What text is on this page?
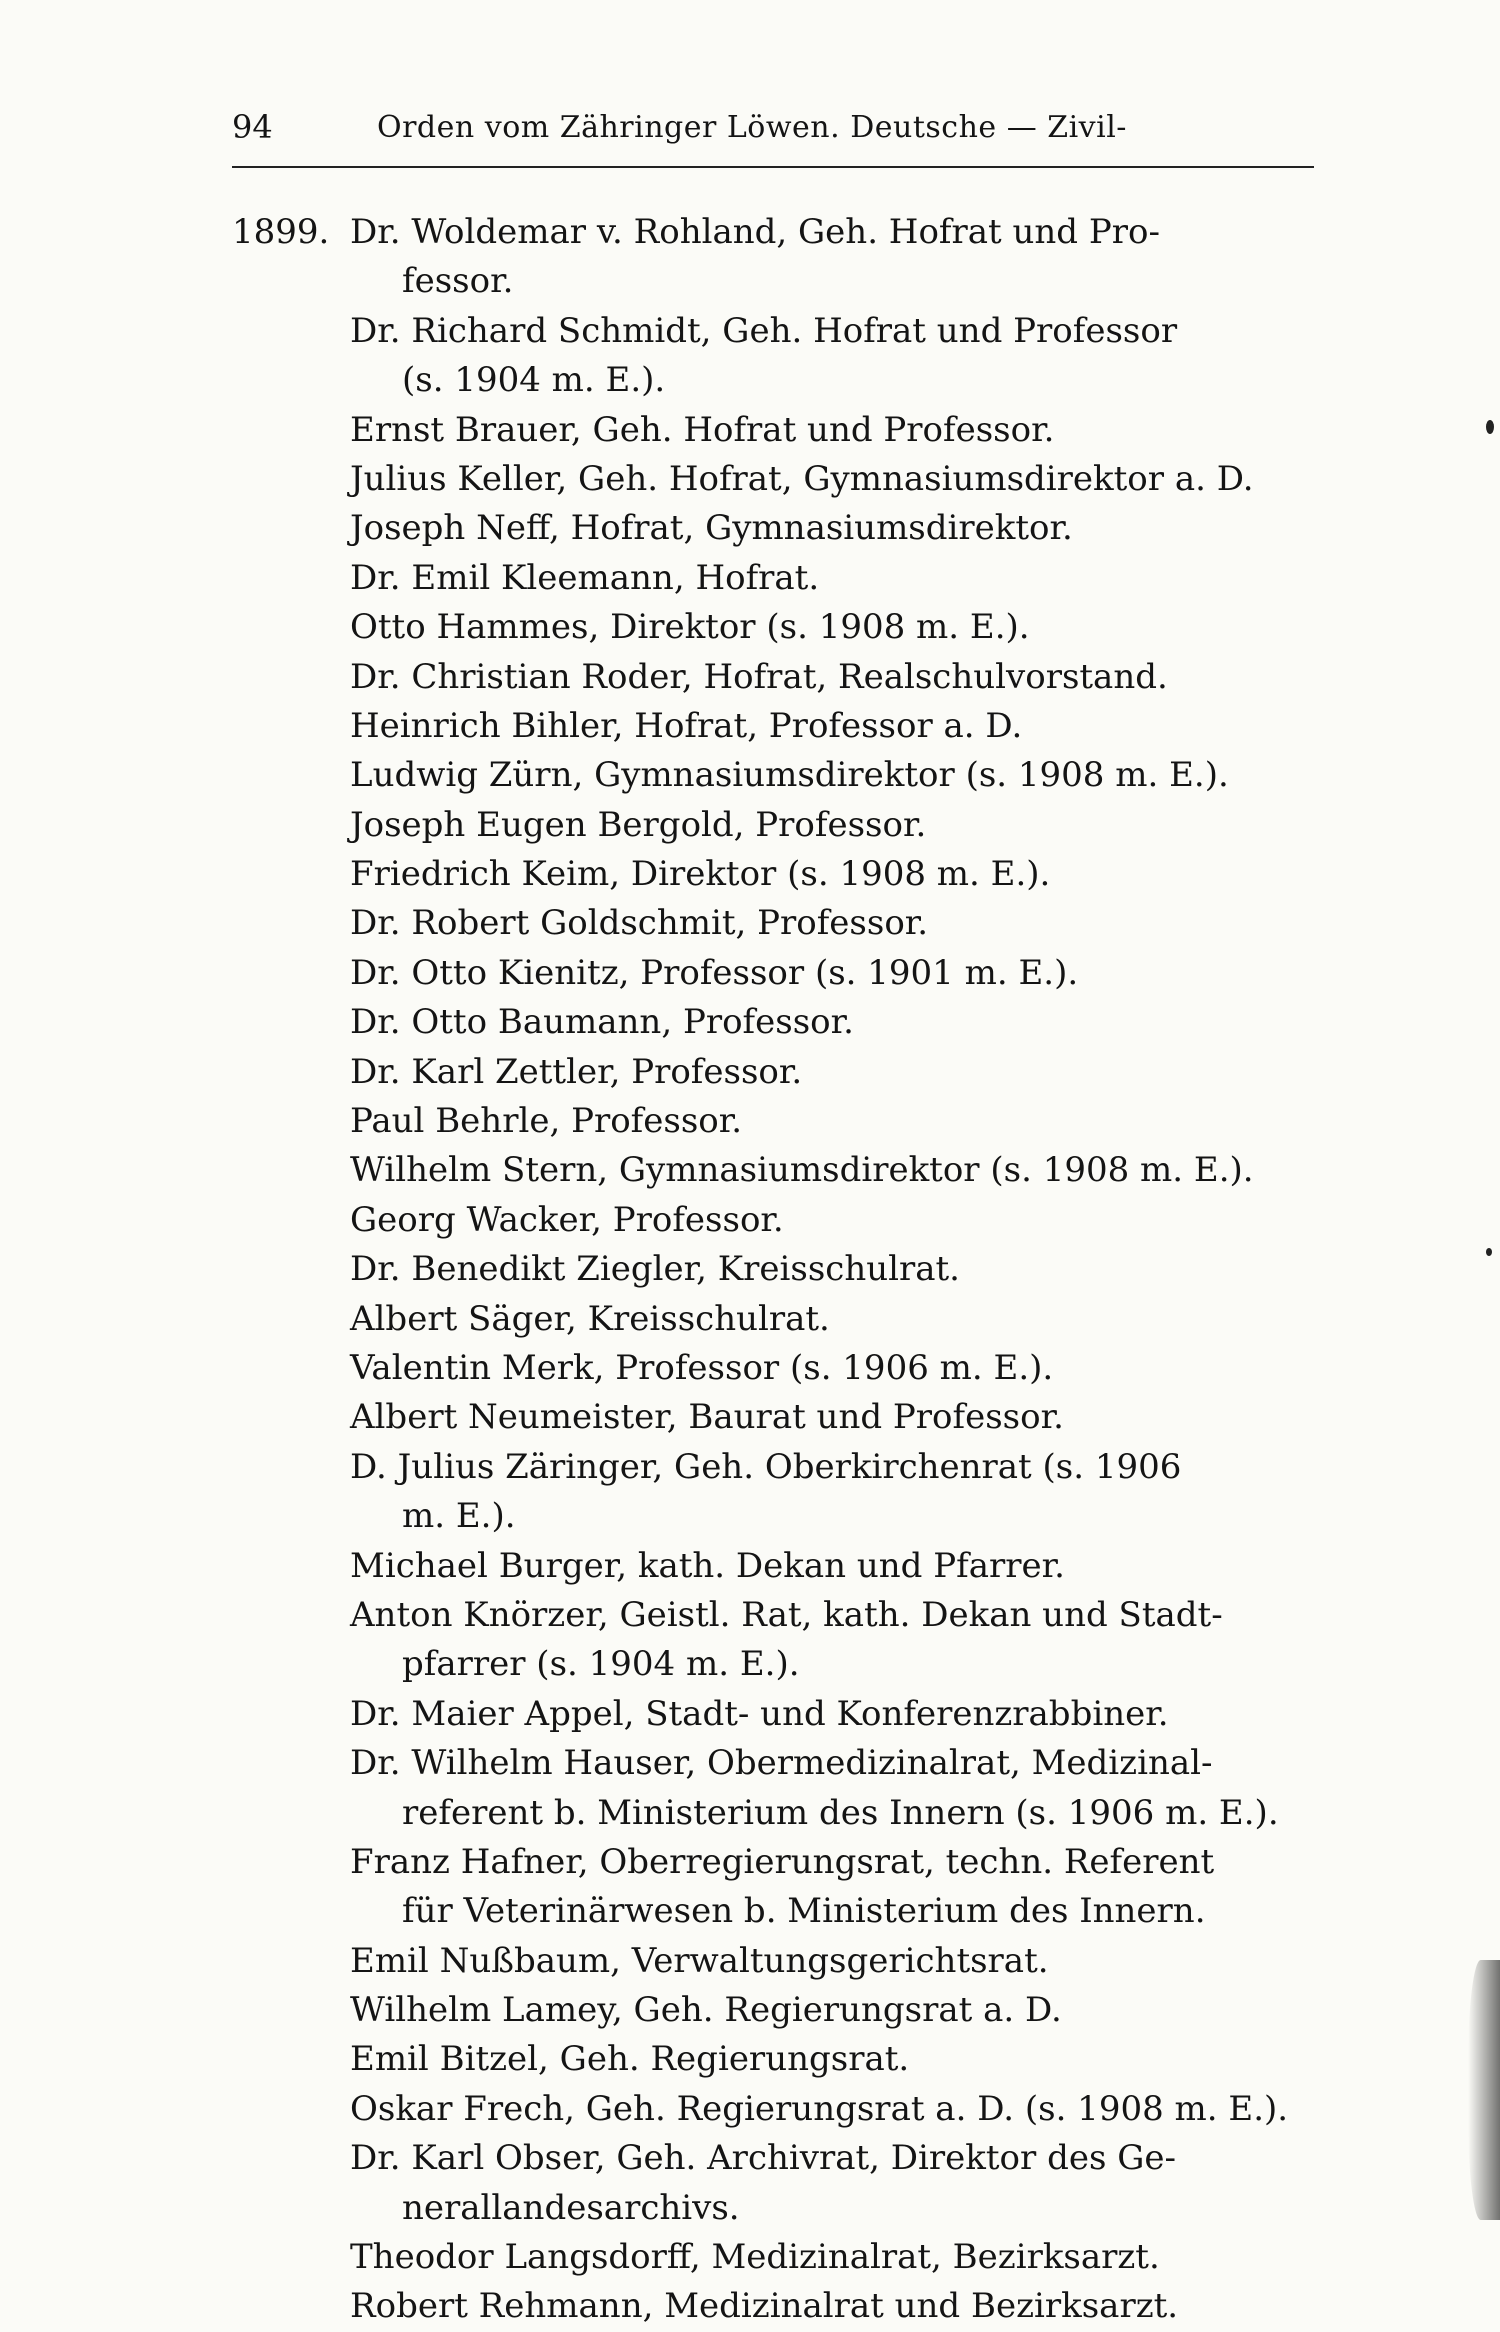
94	Orden vom Zähringer Löwen. Deutsche — Zivil-
1899. Dr. Woldemar v. Rohland, Geh. Hofrat und Pro-
fessor.
Dr. Richard Schmidt, Geh. Hofrat und Professor
(s. 1904 m. E.).
Ernst Brauer, Geh. Hofrat und Professor.
Julius Keller, Geh. Hofrat, Gymnasiumsdirektor a. D.
Joseph Neff, Hofrat, Gymnasiumsdirektor.
Dr. Emil Kleemann, Hofrat.
Otto Hammes, Direktor (s. 1908 m. E.).
Dr. Christian Roder, Hofrat, Realschulvorstand.
Heinrich Bihler, Hofrat, Professor a. D.
Ludwig Zürn, Gymnasiumsdirektor (s. 1908 m. E.).
Joseph Eugen Bergold, Professor.
Friedrich Keim, Direktor (s. 1908 m. E.).
Dr. Robert Goldschmit, Professor.
Dr. Otto Kienitz, Professor (s. 1901 m. E.).
Dr. Otto Baumann, Professor.
Dr. Karl Zettler, Professor.
Paul Behrle, Professor.
Wilhelm Stern, Gymnasiumsdirektor (s. 1908 m. E.).
Georg Wacker, Professor.
Dr. Benedikt Ziegler, Kreisschulrat.
Albert Säger, Kreisschulrat.
Valentin Merk, Professor (s. 1906 m. E.).
Albert Neumeister, Baurat und Professor.
D. Julius Zäringer, Geh. Oberkirchenrat (s. 1906
m. E.).
Michael Burger, kath. Dekan und Pfarrer.
Anton Knörzer, Geistl. Rat, kath. Dekan und Stadt-
pfarrer (s. 1904 m. E.).
Dr. Maier Appel, Stadt- und Konferenzrabbiner.
Dr. Wilhelm Hauser, Obermedizinalrat, Medizinal-
referent b. Ministerium des Innern (s. 1906 m. E.).
Franz Hafner, Oberregierungsrat, techn. Referent
für Veterinärwesen b. Ministerium des Innern.
Emil Nußbaum, Verwaltungsgerichtsrat.
Wilhelm Lamey, Geh. Regierungsrat a. D.
Emil Bitzel, Geh. Regierungsrat.
Oskar Frech, Geh. Regierungsrat a. D. (s. 1908 m. E.).
Dr. Karl Obser, Geh. Archivrat, Direktor des Ge-
nerallandesarchivs.
Theodor Langsdorff, Medizinalrat, Bezirksarzt.
Robert Rehmann, Medizinalrat und Bezirksarzt.
